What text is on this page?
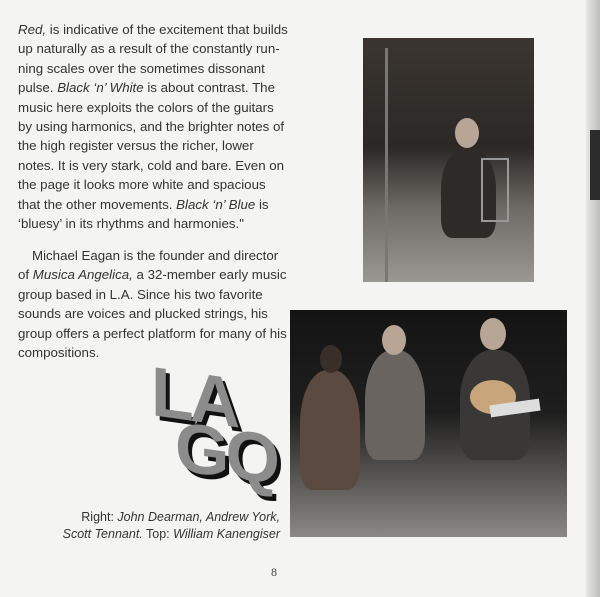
Red, is indicative of the excitement that builds up naturally as a result of the constantly run-ning scales over the sometimes dissonant pulse. Black ‘n’ White is about contrast. The music here exploits the colors of the guitars by using harmonics, and the brighter notes of the high register versus the richer, lower notes. It is very stark, cold and bare. Even on the page it looks more white and spacious that the other movements. Black ‘n’ Blue is ‘bluesy’ in its rhythms and harmonies."

Michael Eagan is the founder and director of Musica Angelica, a 32-member early music group based in L.A. Since his two favorite sounds are voices and plucked strings, his group offers a perfect platform for many of his compositions. LA
GQ
Right: John Dearman, Andrew York, Scott Tennant. Top: William Kanengiser
8
